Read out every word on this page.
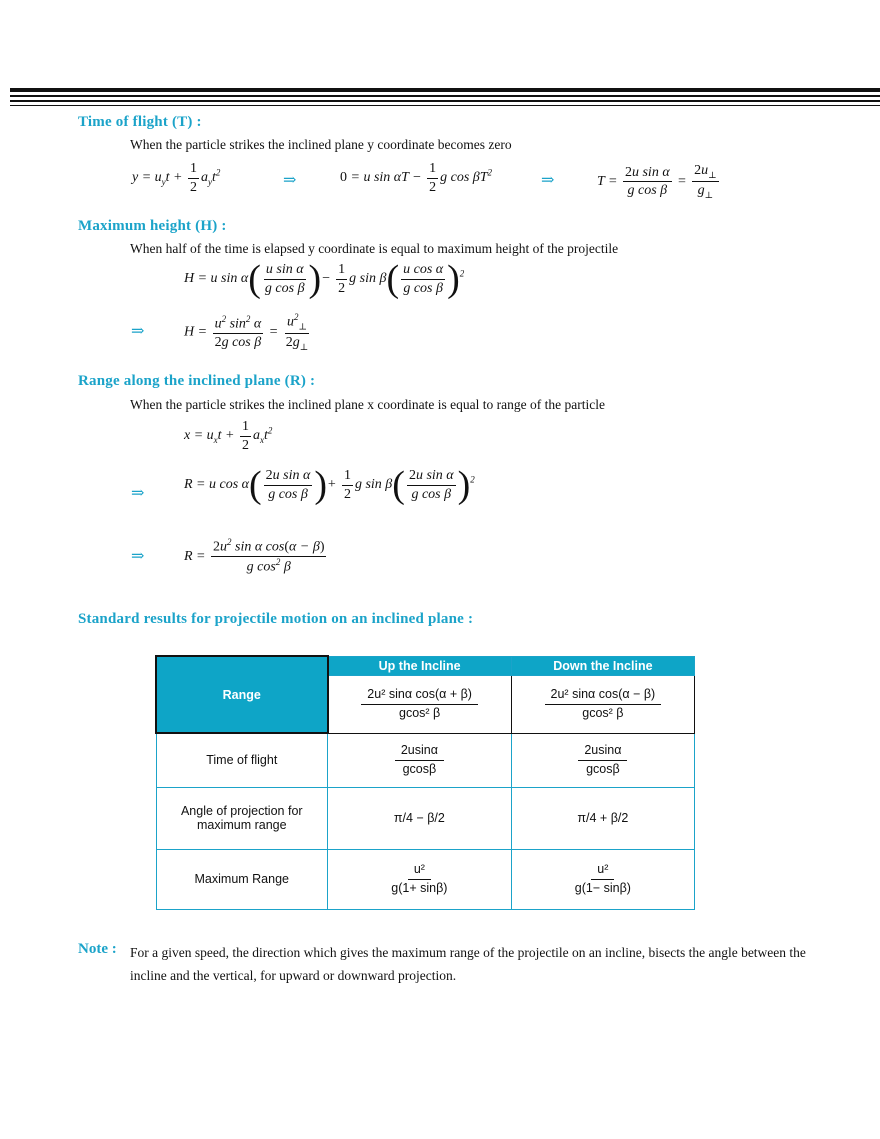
Time of flight (T) :
When the particle strikes the inclined plane y coordinate becomes zero
$y = u_yt + \frac{1}{2} a_yt^2$	⇒	0 = u $\sin \alpha T - \frac{1}{2}$ g $\cos \beta T^2$	⇒	$T = \frac{\text{2u sin α}}{\text{g cos β}} = \frac{2u_\perp}{g_\perp}$
Maximum height (H) :
When half of the time is elapsed y coordinate is equal to maximum height of the projectile
H = u $\sin \alpha( \frac{\text{u sin α}}{\text{g cos β}}$ )− $\frac{1}{2}$ g $\sin \beta( \frac{\text{u cos α}}{\text{g cos β}} )^2$
⇒	$H = \frac{u^2 \sin^2 \alpha}{\text{2g cos β}} = \frac{u^2_\perp}{2g_\perp}$
Range along the inclined plane (R) :
When the particle strikes the inclined plane x coordinate is equal to range of the particle
$x = u_xt + \frac{1}{2} a_xt^2$
⇒
R = u $\cos \alpha( \frac{\text{2u sin α}}{\text{g cos β}}$ )+ $\frac{1}{2}$ g $\sin \beta( \frac{\text{2u sin α}}{\text{g cos β}} )^2$
⇒	$R = \frac{2u^2 \sin \alpha \cos(\alpha - \beta)}{g \cos^2 \beta}$
Standard results for projectile motion on an inclined plane :
Range	Up the Incline	Down the Incline

	$\frac{\text{2u² sinα cos(α + β)}}{\text{gcos² β}}$	$\frac{\text{2u² sinα cos(α − β)}}{\text{gcos² β}}$

Time of flight	$\frac{2usin\alpha}{gcos\beta}$	$\frac{2usin\alpha}{gcos\beta}$

Angle of projection for maximum range	π/4 − β/2	π/4 + β/2
Maximum Range	$\frac{\text{u²}}{g(1+ \sin\beta)}$	$\frac{\text{u²}}{g(1- \sin\beta)}$
Note : For a given speed, the direction which gives the maximum range of the projectile on an incline, bisects the angle between the incline and the vertical, for upward or downward projection.
